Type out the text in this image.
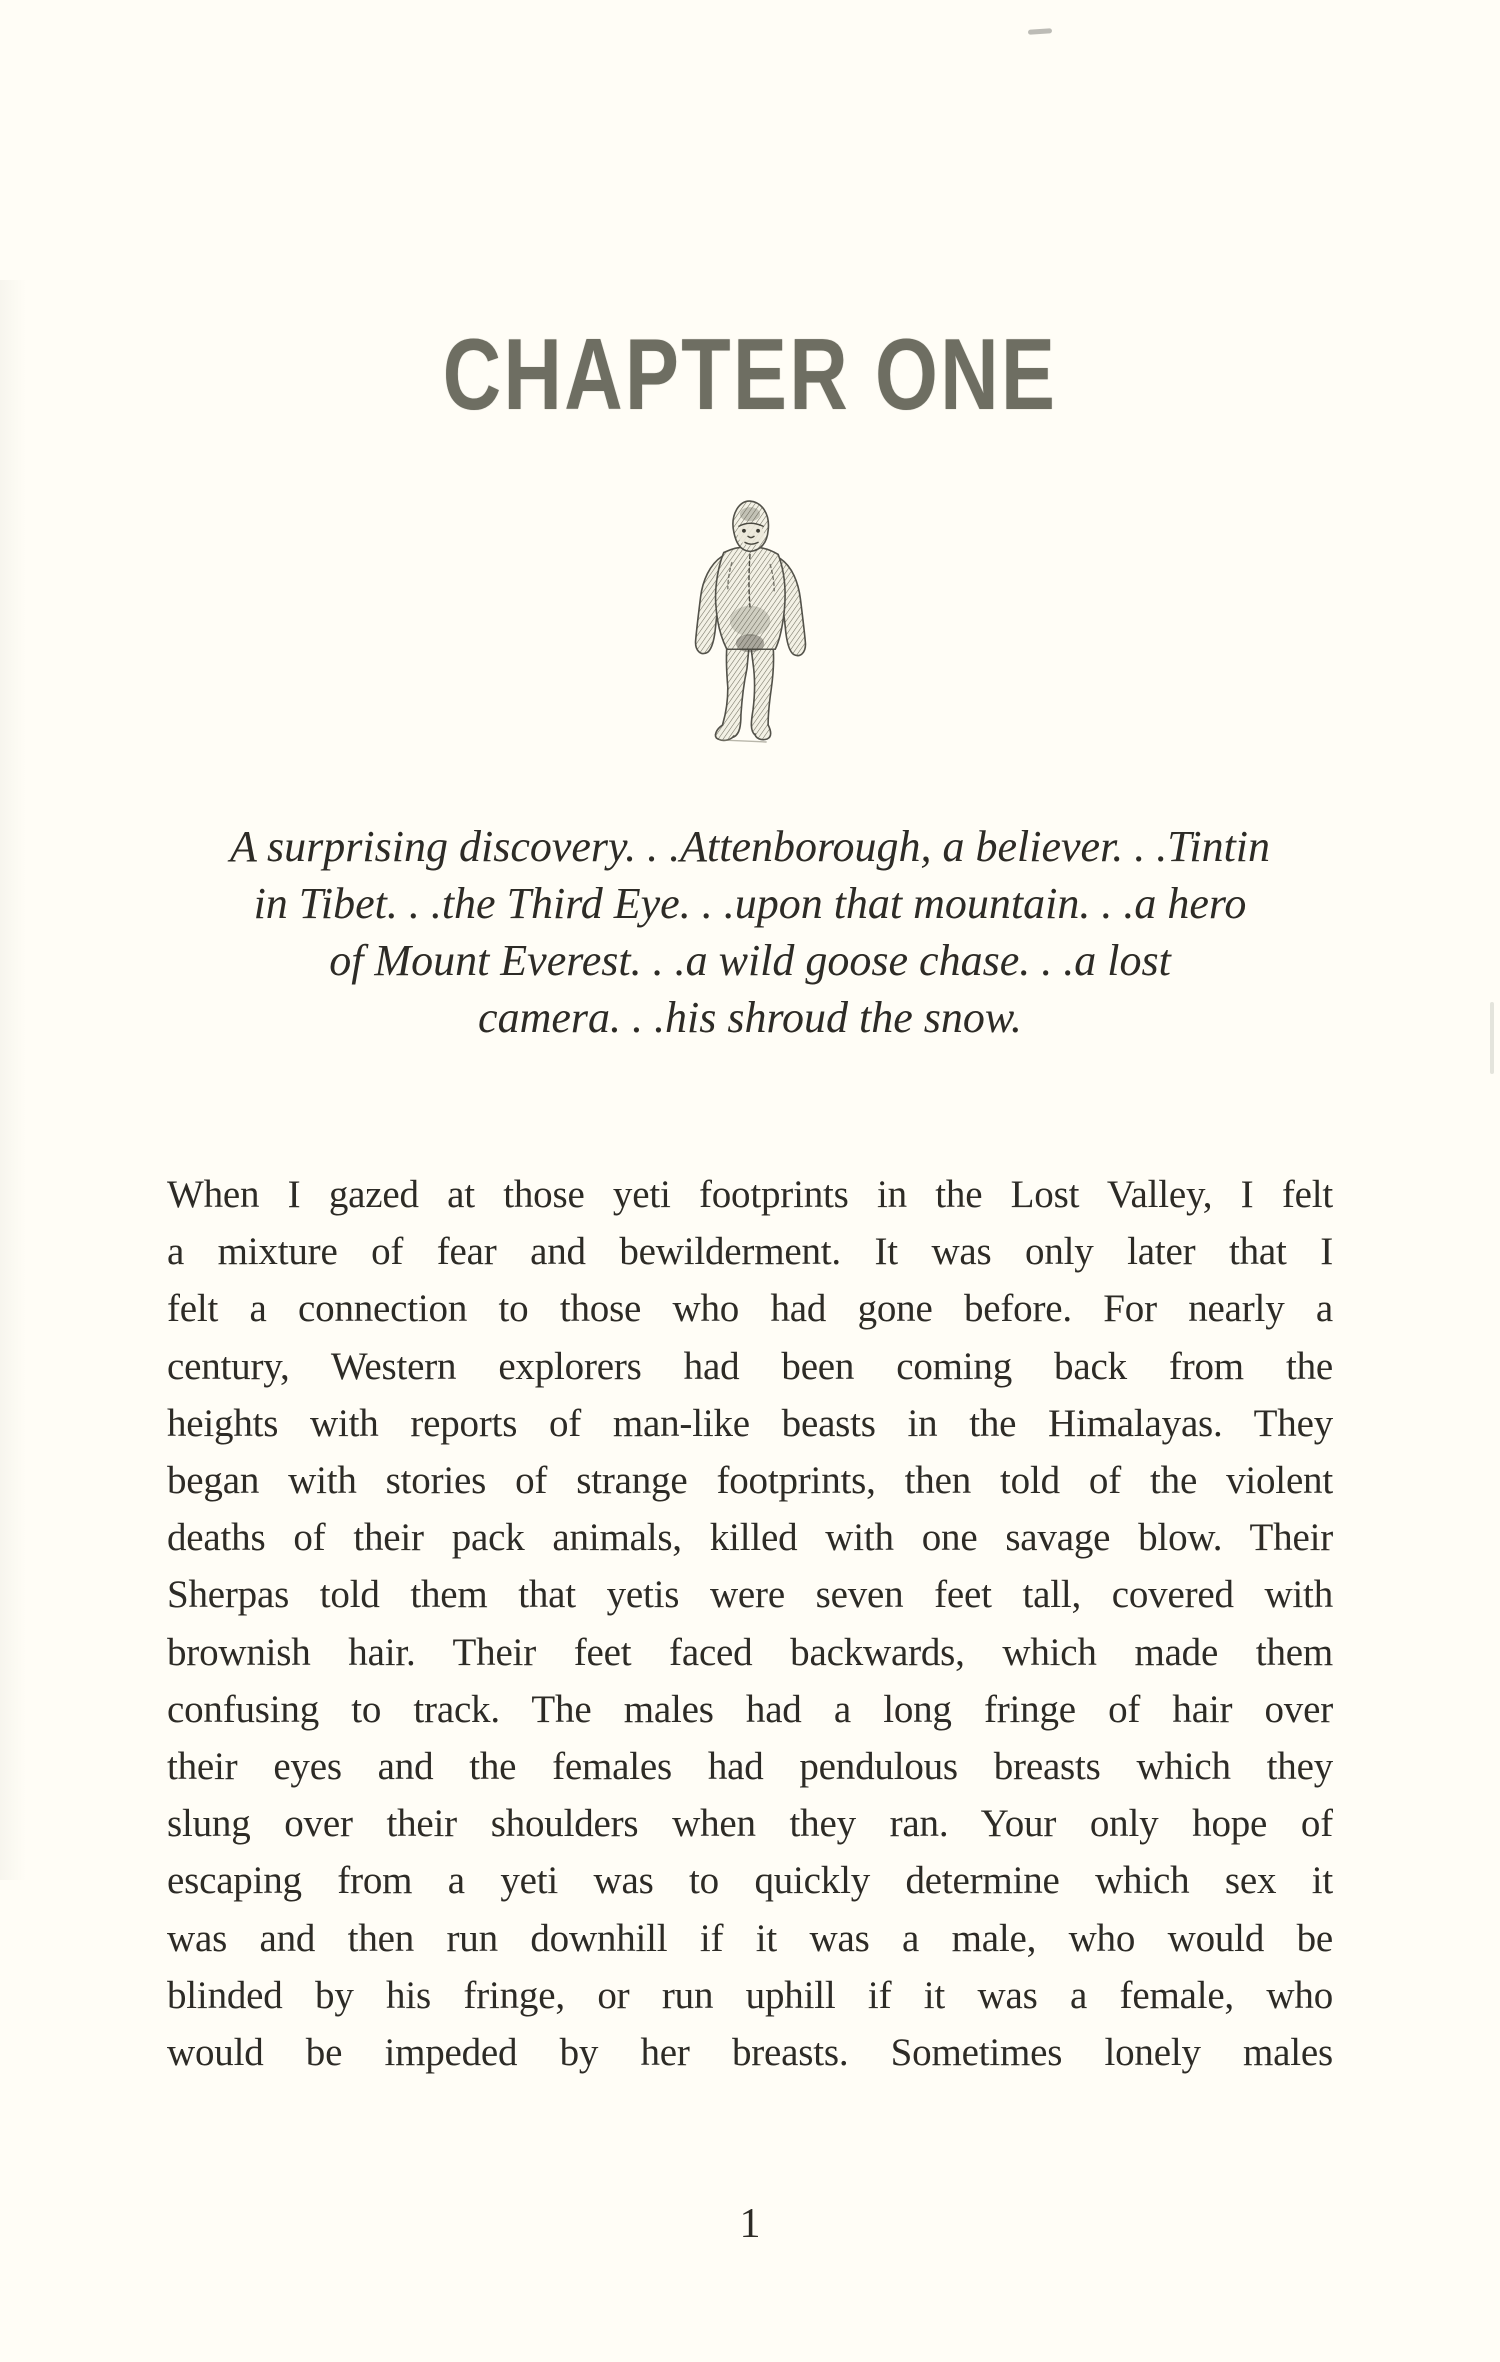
CHAPTER ONE
A surprising discovery. . .Attenborough, a believer. . .Tintin
in Tibet. . .the Third Eye. . .upon that mountain. . .a hero
of Mount Everest. . .a wild goose chase. . .a lost
camera. . .his shroud the snow.
When I gazed at those yeti footprints in the Lost Valley, I felt
a mixture of fear and bewilderment. It was only later that I
felt a connection to those who had gone before. For nearly a
century, Western explorers had been coming back from the
heights with reports of man-like beasts in the Himalayas. They
began with stories of strange footprints, then told of the violent
deaths of their pack animals, killed with one savage blow. Their
Sherpas told them that yetis were seven feet tall, covered with
brownish hair. Their feet faced backwards, which made them
confusing to track. The males had a long fringe of hair over
their eyes and the females had pendulous breasts which they
slung over their shoulders when they ran. Your only hope of
escaping from a yeti was to quickly determine which sex it
was and then run downhill if it was a male, who would be
blinded by his fringe, or run uphill if it was a female, who
would be impeded by her breasts. Sometimes lonely males
1
